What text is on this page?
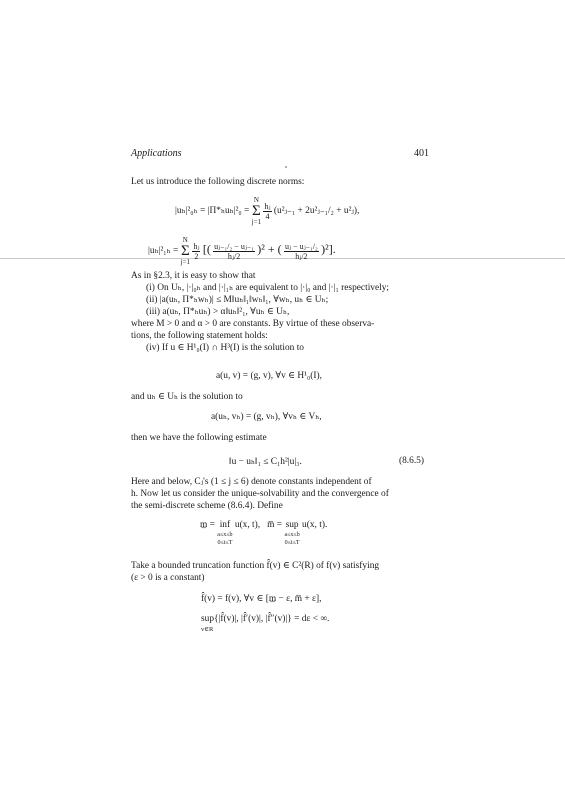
Applications	401
Let us introduce the following discrete norms:
|uₕ|²₀ₕ = |Π*ₕuₕ|²₀ =
N
Σ
j=1

$\frac{\text{hⱼ}}{4}$ (u²ⱼ₋₁ + 2u²ⱼ₋₁/₂ + u²ⱼ),
|uₕ|²₁ₕ =
N
Σ
j=1

$\frac{\text{hⱼ}}{2}$ [( $\frac{\text{uⱼ₋₁/₂ − uⱼ₋₁}}{\text{hⱼ/2}} )^2$ + ( $\frac{\text{uⱼ − uⱼ₋₁/₂}}{\text{hⱼ/2}} )^2$].
As in §2.3, it is easy to show that
(i) On Uₕ, |·|₀ₕ and |·|₁ₕ are equivalent to |·|₀ and |·|₁ respectively;
(ii) |a(uₕ, Π*ₕwₕ)| ≤ M‖uₕ‖₁‖wₕ‖₁, ∀wₕ, uₕ ∈ Uₕ;
(iii) a(uₕ, Π*ₕuₕ) > α‖uₕ‖²₁, ∀uₕ ∈ Uₕ,
where M > 0 and α > 0 are constants. By virtue of these observa-
tions, the following statement holds:
(iv) If u ∈ H¹₀(I) ∩ H³(I) is the solution to
a(u, v) = (g, v), ∀v ∈ H¹₀(I),
and uₕ ∈ Uₕ is the solution to
a(uₕ, vₕ) = (g, vₕ), ∀vₕ ∈ Vₕ,
then we have the following estimate
‖u − uₕ‖₁ ≤ C₁h²|u|₃.	(8.6.5)
Here and below, Cⱼ's (1 ≤ j ≤ 6) denote constants independent of
h. Now let us consider the unique-solvability and the convergence of
the semi-discrete scheme (8.6.4). Define
m̲ = inf
a≤x≤b
0≤t≤T
u(x, t), m̅ = sup
a≤x≤b
0≤t≤T
u(x, t).
Take a bounded truncation function f̂(v) ∈ C²(R) of f(v) satisfying
(ε > 0 is a constant)
f̂(v) = f(v), ∀v ∈ [m̲ − ε, m̅ + ε],
sup{|f̂(v)|, |f̂′(v)|, |f̂″(v)|} = dε < ∞.
v∈R
